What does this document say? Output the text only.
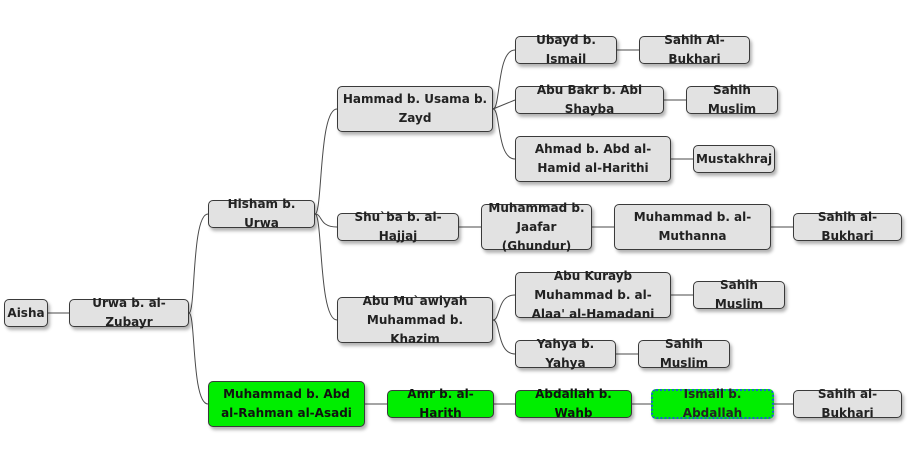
Aisha
Urwa b. al-Zubayr
Hisham b. Urwa
Hammad b. Usama b. Zayd
Ubayd b. Ismail
Sahih Al-Bukhari
Abu Bakr b. Abi Shayba
Sahih Muslim
Ahmad b. Abd al-Hamid al-Harithi
Mustakhraj
Shu`ba b. al-Hajjaj
Muhammad b. Jaafar (Ghundur)
Muhammad b. al-Muthanna
Sahih al-Bukhari
Abu Mu`awiyah Muhammad b. Khazim
Abu Kurayb Muhammad b. al-Alaa' al-Hamadani
Sahih Muslim
Yahya b. Yahya
Sahih Muslim
Muhammad b. Abd al-Rahman al-Asadi
Amr b. al-Harith
Abdallah b. Wahb
Ismail b. Abdallah
Sahih al-Bukhari
